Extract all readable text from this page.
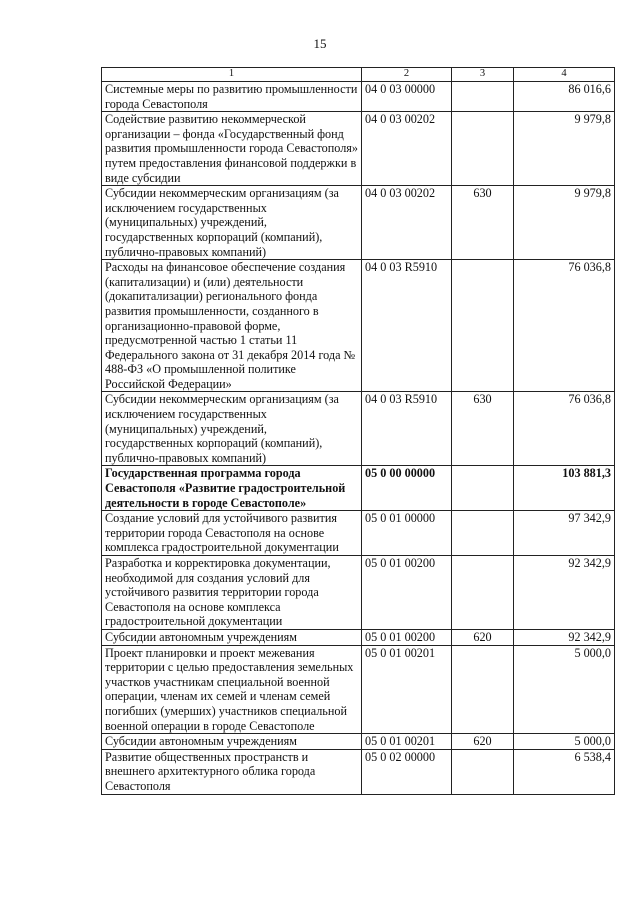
15
1	2	3	4
Системные меры по развитию промышленности города Севастополя	04 0 03 00000		86 016,6
Содействие развитию некоммерческой организации – фонда «Государственный фонд развития промышленности города Севастополя» путем предоставления финансовой поддержки в виде субсидии	04 0 03 00202		9 979,8
Субсидии некоммерческим организациям (за исключением государственных (муниципальных) учреждений, государственных корпораций (компаний), публично-правовых компаний)	04 0 03 00202	630	9 979,8
Расходы на финансовое обеспечение создания (капитализации) и (или) деятельности (докапитализации) регионального фонда развития промышленности, созданного в организационно-правовой форме, предусмотренной частью 1 статьи 11 Федерального закона от 31 декабря 2014 года № 488-ФЗ «О промышленной политике Российской Федерации»	04 0 03 R5910		76 036,8
Субсидии некоммерческим организациям (за исключением государственных (муниципальных) учреждений, государственных корпораций (компаний), публично-правовых компаний)	04 0 03 R5910	630	76 036,8
Государственная программа города Севастополя «Развитие градостроительной деятельности в городе Севастополе»	05 0 00 00000		103 881,3
Создание условий для устойчивого развития территории города Севастополя на основе комплекса градостроительной документации	05 0 01 00000		97 342,9
Разработка и корректировка документации, необходимой для создания условий для устойчивого развития территории города Севастополя на основе комплекса градостроительной документации	05 0 01 00200		92 342,9
Субсидии автономным учреждениям	05 0 01 00200	620	92 342,9
Проект планировки и проект межевания территории с целью предоставления земельных участков участникам специальной военной операции, членам их семей и членам семей погибших (умерших) участников специальной военной операции в городе Севастополе	05 0 01 00201		5 000,0
Субсидии автономным учреждениям	05 0 01 00201	620	5 000,0
Развитие общественных пространств и внешнего архитектурного облика города Севастополя	05 0 02 00000		6 538,4
